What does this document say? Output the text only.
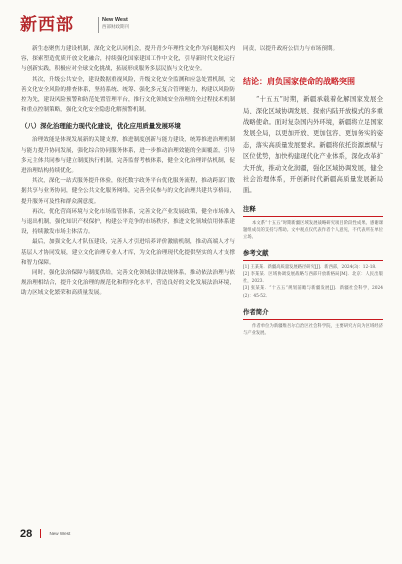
新西部	New West
西部财政期刊

新生态聚焦力建设机制，深化文化认同机会，提升青少年理性文化作为问题相关内容，探索塑造优质开放文化融合，持续强化国家建国工作中文化，引导新时代文化运行与创新实践，积极应对全球文化挑战，拓展形成服务多层民族与文化安全。

其次，升级公共安全，建设数据重视风险，升级文化安全监测和应急处置机制，完善文化安全风险的排查体系，坚持系统、统筹、强化多元复合管理能力，构建以风险防控为先，建设风险预警和防范处置管理平台，推行文化领域安全治理的全过程技术机制和重点控制策略，强化文化安全隐患化解预警机制。

（八）深化治理能力现代化建设，优化应用质量发展环境

治理效能是体现发展新的关键支撑，推进制度创新与能力建设，统筹推进治理机制与能力提升协同发展，强化综合协同服务体系，进一步推动治理效能的全面覆盖，引导多元主体共同参与建立制度执行机制，完善监督考核体系，健全文化治理评估机制，促进治理结构持续优化。

其次，深化一站式服务提升体验，依托数字政务平台优化服务流程，推动跨部门数据共享与业务协同，健全公共文化服务网络，完善全民参与的文化治理共建共享格局，提升服务可及性和群众满意度。

再次，优化营商环境与文化市场监管体系，完善文化产业发展政策，健全市场准入与退出机制，强化知识产权保护，构建公平竞争的市场秩序，推进文化领域信用体系建设，持续激发市场主体活力。

最后，加强文化人才队伍建设，完善人才引进培养评价激励机制，推动高端人才与基层人才协同发展，建立文化治理专业人才库，为文化治理现代化提供坚实的人才支撑和智力保障。

同时，强化法治保障与制度供给，完善文化领域法律法规体系，推动依法治理与依规治理相结合，提升文化治理的规范化和程序化水平，营造良好的文化发展法治环境，助力区域文化繁荣和高质量发展。

同责，以提升政府公信力与市场预期。

结论：肩负国家使命的战略突围

“十五五”时期，新疆承载着化解国家发展全局、深化区域协调发展、探索内陆开放模式的多重战略使命。面对复杂国内外环境，新疆将立足国家发展全局，以更加开放、更加包容、更加务实的姿态，落实高质量发展要求。新疆将依托资源禀赋与区位优势，加快构建现代化产业体系，深化改革扩大开放，推动文化润疆，强化区域协调发展，健全社会治理体系，开创新时代新疆高质量发展新局面。

注释

本文系“十五五”时期新疆区域发展战略研究项目阶段性成果。感谢课题组成员的支持与帮助。文中观点仅代表作者个人意见，不代表所在单位立场。

参考文献

[1] 王某某．新疆高质量发展路径研究[J]．新西部，2024(3)：12-18．

[2] 李某某．区域协调发展战略与西部开放新格局[M]．北京：人民出版社，2023．

[3] 张某某．“十五五”规划前瞻与新疆发展[J]．新疆社会科学，2024(2)：45-52．

作者简介

作者单位为新疆维吾尔自治区社会科学院，主要研究方向为区域经济与产业发展。

28	New West
